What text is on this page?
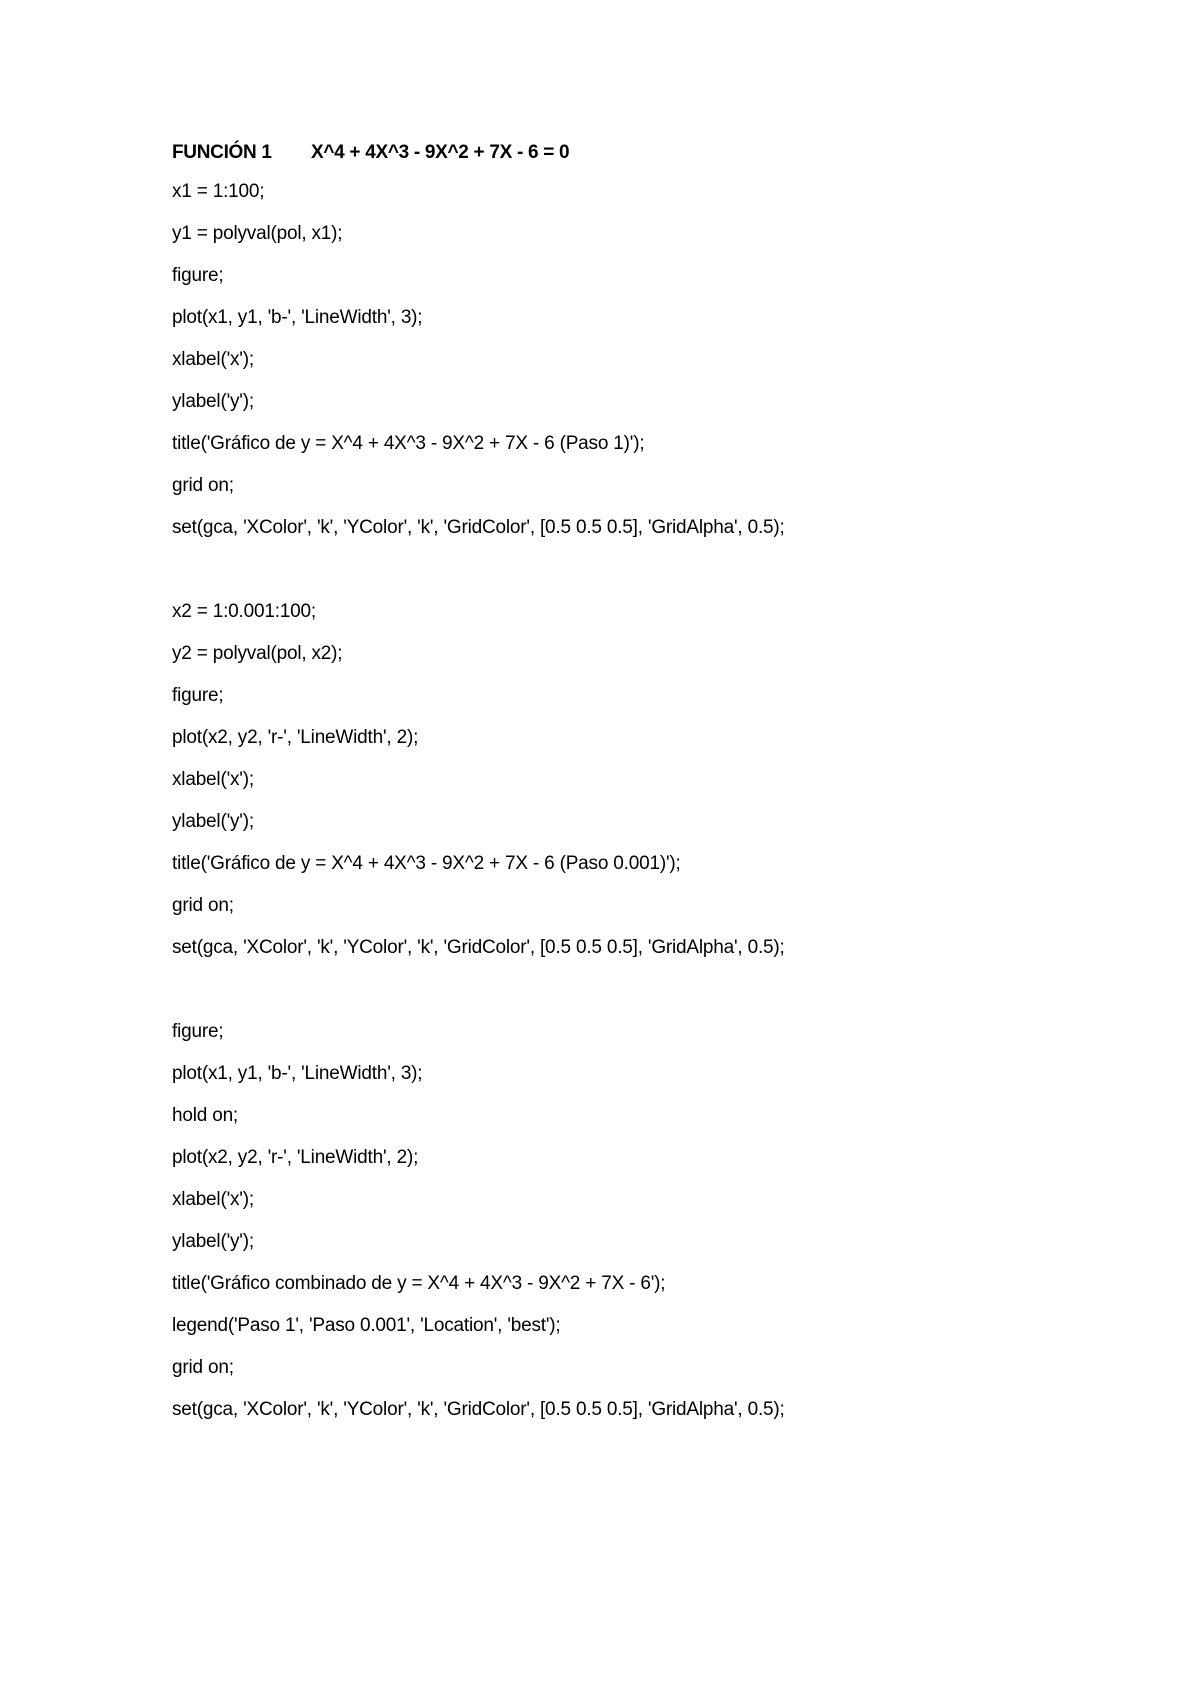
FUNCIÓN 1 X^4 + 4X^3 - 9X^2 + 7X - 6 = 0
x1 = 1:100;
y1 = polyval(pol, x1);
figure;
plot(x1, y1, 'b-', 'LineWidth', 3);
xlabel('x');
ylabel('y');
title('Gráfico de y = X^4 + 4X^3 - 9X^2 + 7X - 6 (Paso 1)');
grid on;
set(gca, 'XColor', 'k', 'YColor', 'k', 'GridColor', [0.5 0.5 0.5], 'GridAlpha', 0.5);
x2 = 1:0.001:100;
y2 = polyval(pol, x2);
figure;
plot(x2, y2, 'r-', 'LineWidth', 2);
xlabel('x');
ylabel('y');
title('Gráfico de y = X^4 + 4X^3 - 9X^2 + 7X - 6 (Paso 0.001)');
grid on;
set(gca, 'XColor', 'k', 'YColor', 'k', 'GridColor', [0.5 0.5 0.5], 'GridAlpha', 0.5);
figure;
plot(x1, y1, 'b-', 'LineWidth', 3);
hold on;
plot(x2, y2, 'r-', 'LineWidth', 2);
xlabel('x');
ylabel('y');
title('Gráfico combinado de y = X^4 + 4X^3 - 9X^2 + 7X - 6');
legend('Paso 1', 'Paso 0.001', 'Location', 'best');
grid on;
set(gca, 'XColor', 'k', 'YColor', 'k', 'GridColor', [0.5 0.5 0.5], 'GridAlpha', 0.5);
